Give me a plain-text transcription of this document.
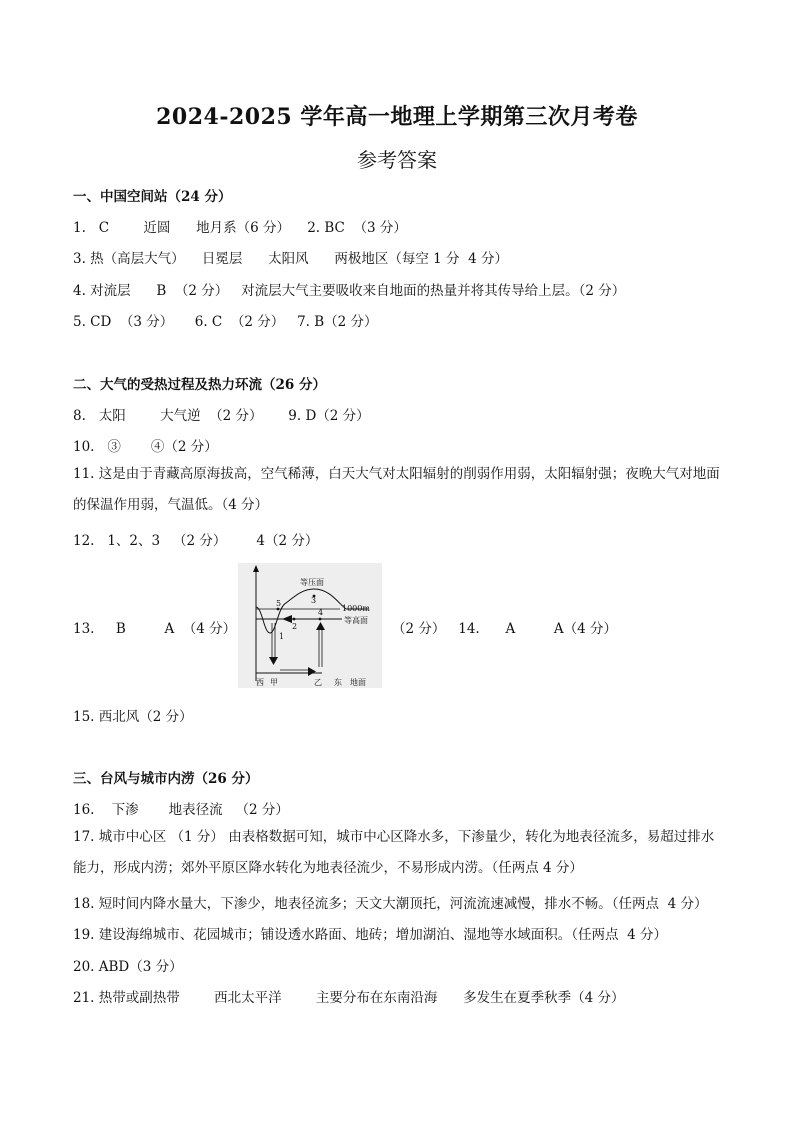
2024-2025 学年高一地理上学期第三次月考卷
参考答案
一、中国空间站（24 分）
1.   C        近圆      地月系（6 分）    2. BC  （3 分）
3. 热（高层大气）    日冕层      太阳风      两极地区（每空 1 分  4 分）
4. 对流层      B  （2 分）   对流层大气主要吸收来自地面的热量并将其传导给上层。（2 分）
5. CD  （3 分）     6. C  （2 分）   7. B（2 分）
二、大气的受热过程及热力环流（26 分）
8.   太阳        大气逆  （2 分）      9. D（2 分）
10.   ③       ④（2 分）
11. 这是由于青藏高原海拔高，空气稀薄，白天大气对太阳辐射的削弱作用弱，太阳辐射强；夜晚大气对地面的保温作用弱，气温低。（4 分）
12.   1、2、3   （2 分）       4（2 分）
13.     B         A  （4 分）
等压面
1000m
等高面
3
5
2
4
1
西 甲	乙 东 地面
（2 分）   14.      A         A（4 分）
15. 西北风（2 分）
三、台风与城市内涝（26 分）
16.    下渗       地表径流   （2 分）
17. 城市中心区 （1 分） 由表格数据可知，城市中心区降水多，下渗量少，转化为地表径流多，易超过排水能力，形成内涝；郊外平原区降水转化为地表径流少，不易形成内涝。（任两点 4 分）
18. 短时间内降水量大，下渗少，地表径流多；天文大潮顶托，河流流速减慢，排水不畅。（任两点  4 分）
19. 建设海绵城市、花园城市；铺设透水路面、地砖；增加湖泊、湿地等水域面积。（任两点  4 分）
20. ABD（3 分）
21. 热带或副热带        西北太平洋        主要分布在东南沿海      多发生在夏季秋季（4 分）
